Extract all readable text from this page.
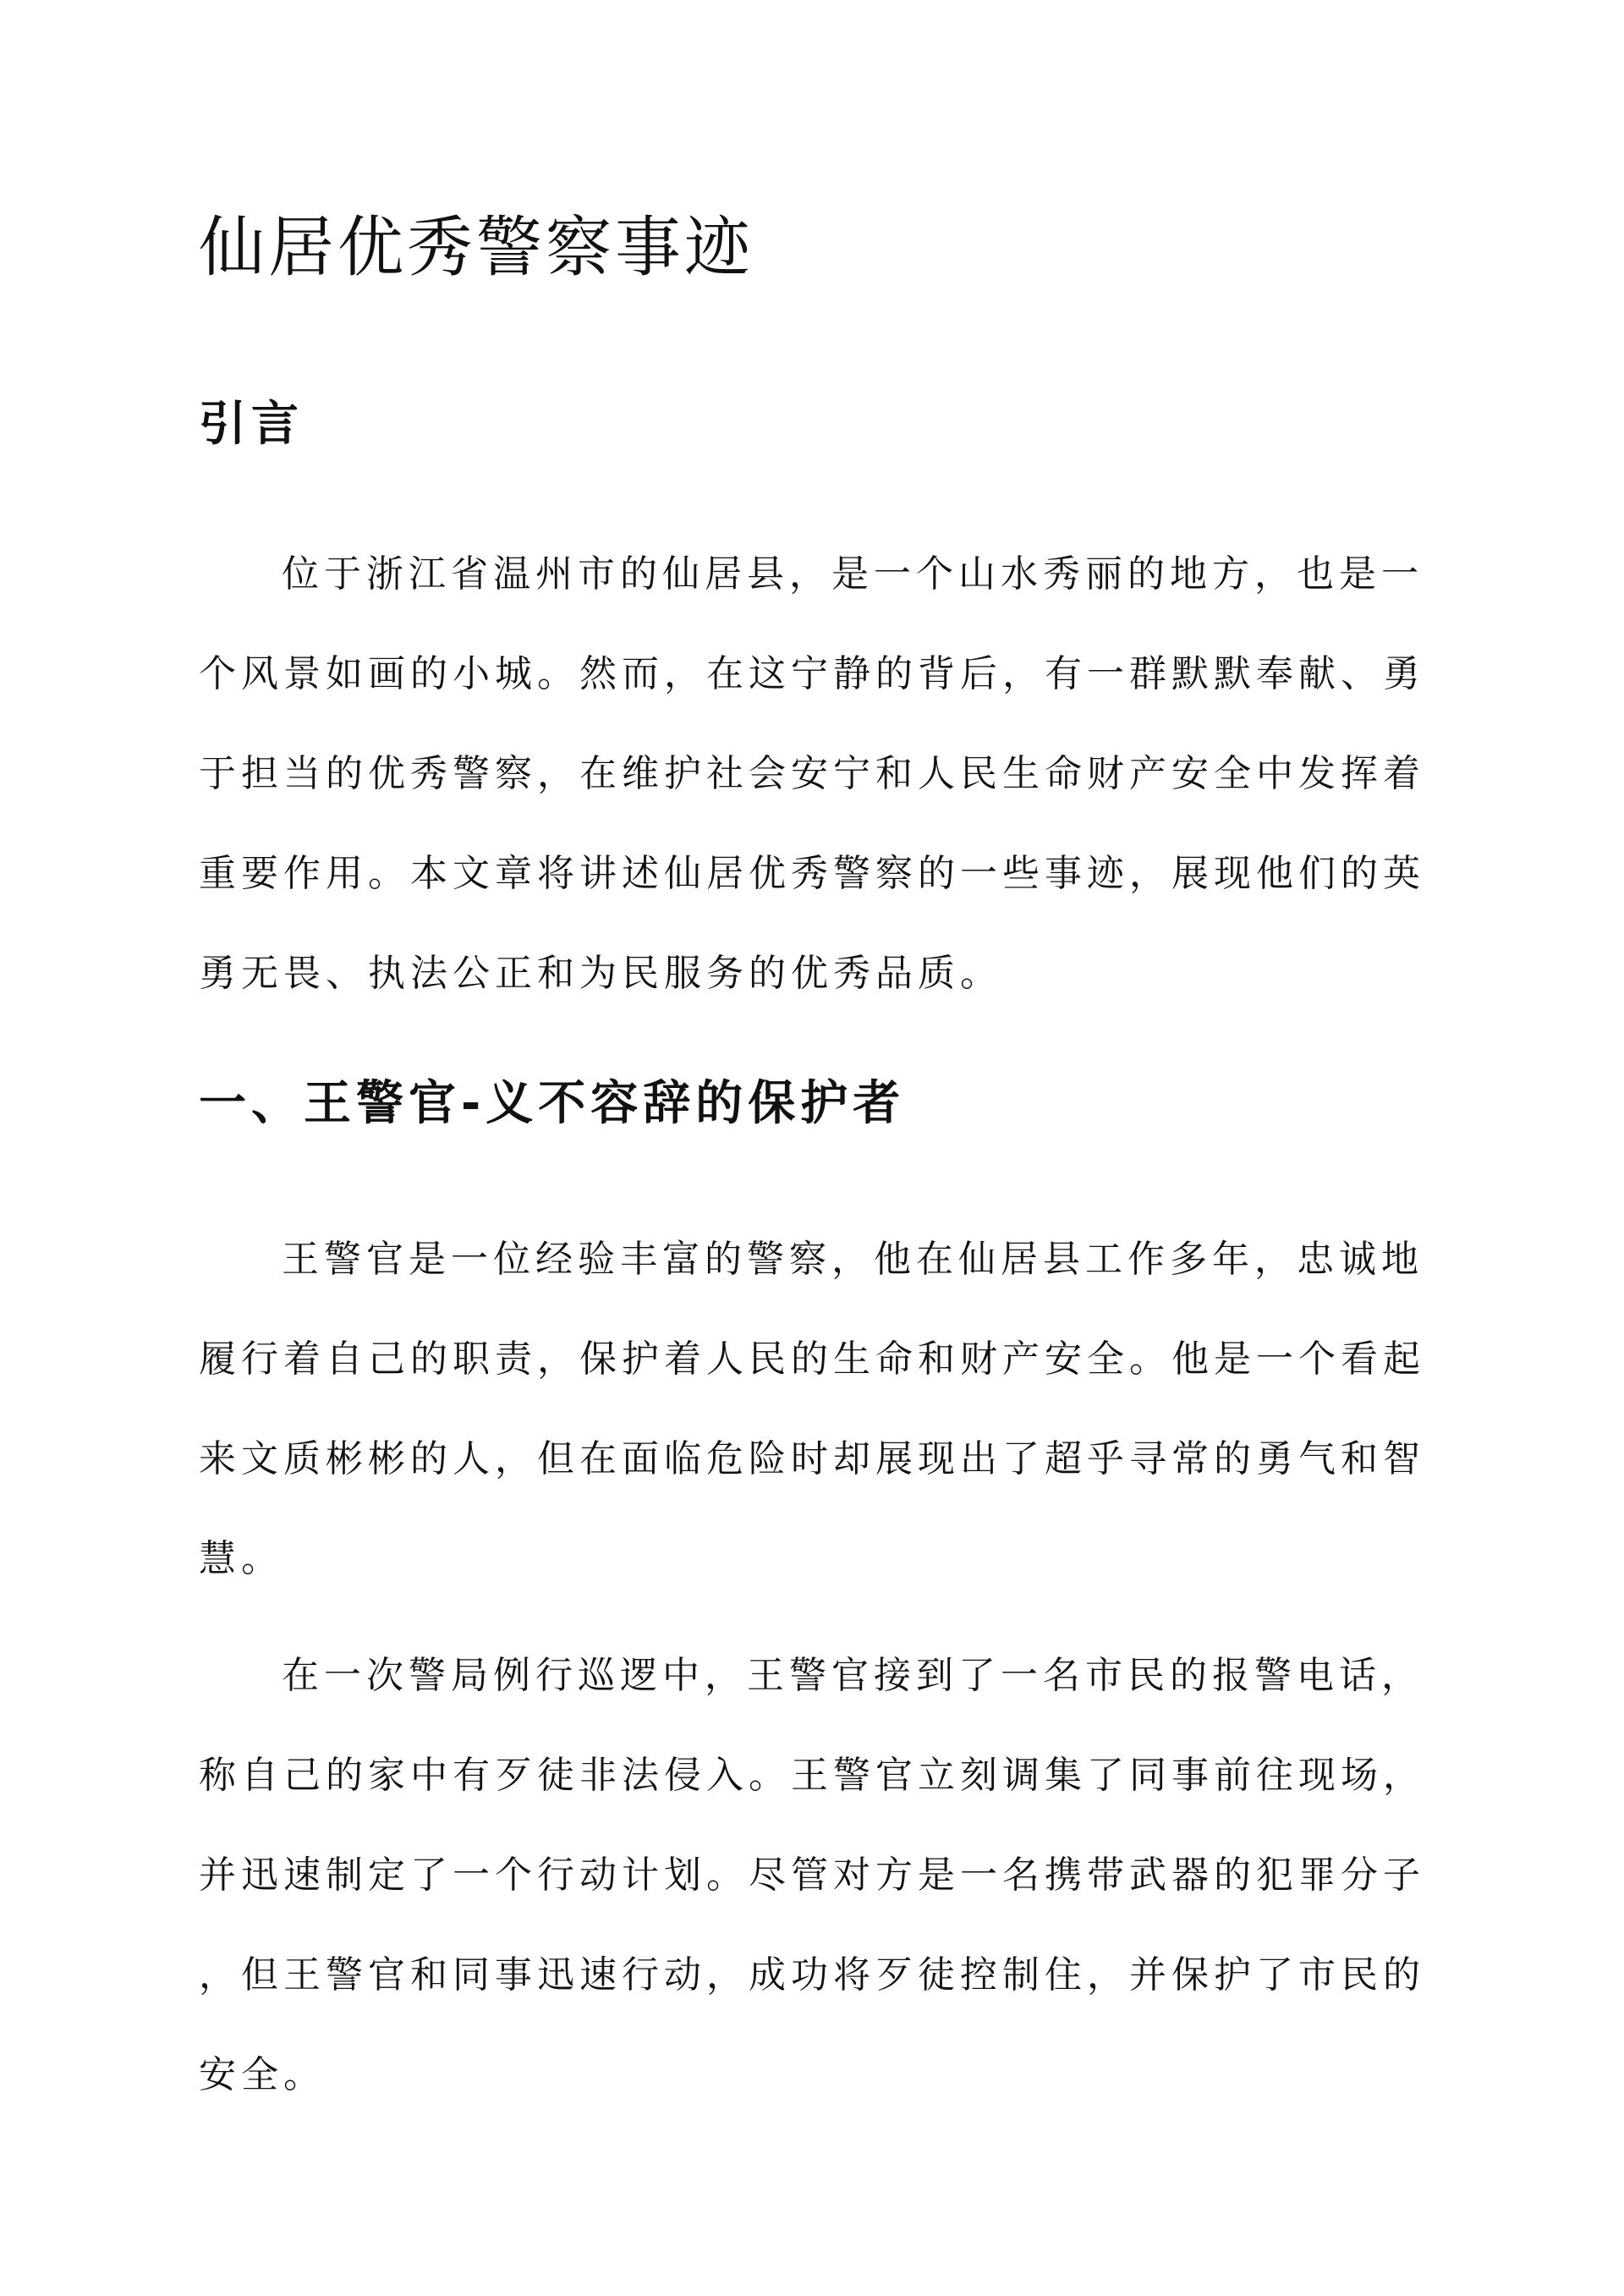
仙居优秀警察事迹
引言
位于浙江省温州市的仙居县，是一个山水秀丽的地方，也是一
个风景如画的小城。然而，在这宁静的背后，有一群默默奉献、勇
于担当的优秀警察，在维护社会安宁和人民生命财产安全中发挥着
重要作用。本文章将讲述仙居优秀警察的一些事迹，展现他们的英
勇无畏、执法公正和为民服务的优秀品质。
一、王警官-义不容辞的保护者
王警官是一位经验丰富的警察，他在仙居县工作多年，忠诚地
履行着自己的职责，保护着人民的生命和财产安全。他是一个看起
来文质彬彬的人，但在面临危险时却展现出了超乎寻常的勇气和智
慧。
在一次警局例行巡逻中，王警官接到了一名市民的报警电话，
称自己的家中有歹徒非法侵入。王警官立刻调集了同事前往现场，
并迅速制定了一个行动计划。尽管对方是一名携带武器的犯罪分子
，但王警官和同事迅速行动，成功将歹徒控制住，并保护了市民的
安全。
